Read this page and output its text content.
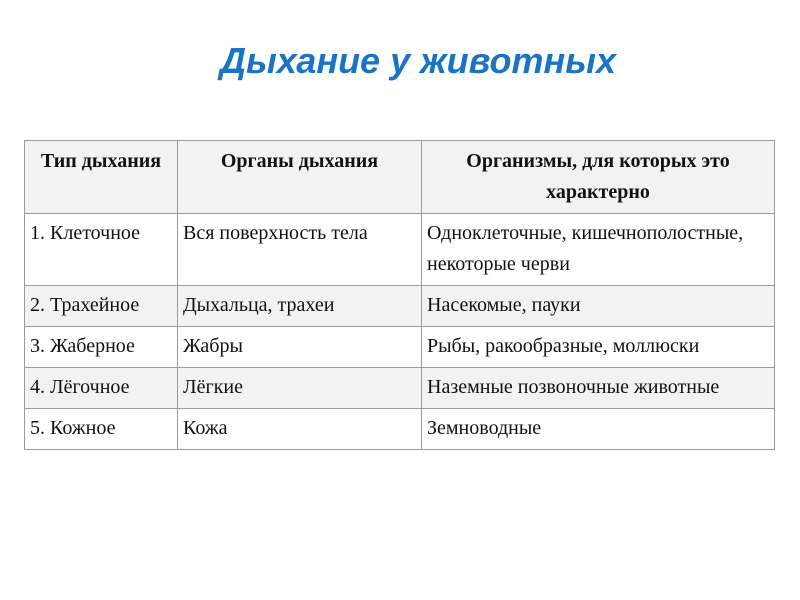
Дыхание у животных
Тип дыхания	Органы дыхания	Организмы, для которых это характерно
1. Клеточное	Вся поверхность тела	Одноклеточные, кишечнополостные, некоторые черви
2. Трахейное	Дыхальца, трахеи	Насекомые, пауки
3. Жаберное	Жабры	Рыбы, ракообразные, моллюски
4. Лёгочное	Лёгкие	Наземные позвоночные животные
5. Кожное	Кожа	Земноводные
